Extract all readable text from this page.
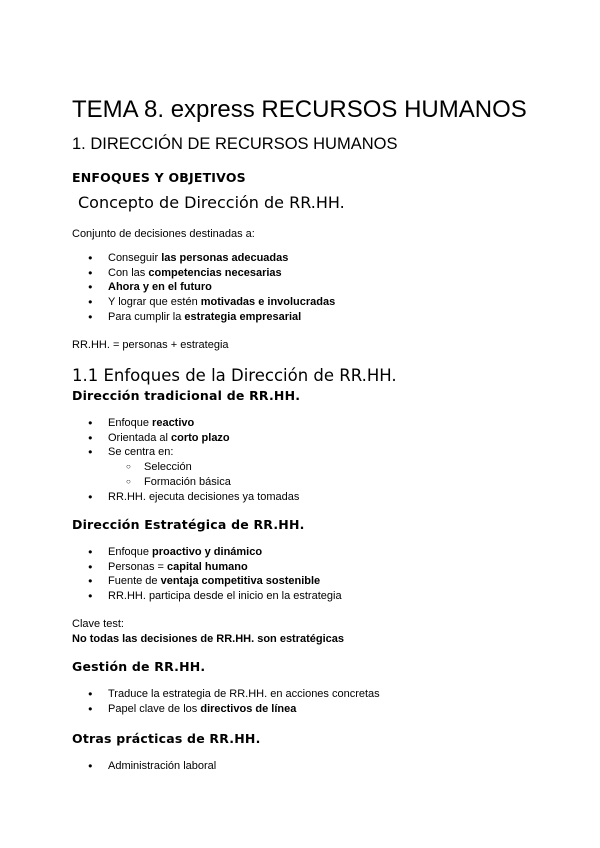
TEMA 8. express RECURSOS HUMANOS
1. DIRECCIÓN DE RECURSOS HUMANOS
ENFOQUES Y OBJETIVOS
Concepto de Dirección de RR.HH.
Conjunto de decisiones destinadas a:
● Conseguir las personas adecuadas
● Con las competencias necesarias
● Ahora y en el futuro
● Y lograr que estén motivadas e involucradas
● Para cumplir la estrategia empresarial
RR.HH. = personas + estrategia
1.1 Enfoques de la Dirección de RR.HH.
Dirección tradicional de RR.HH.
● Enfoque reactivo
● Orientada al corto plazo
● Se centra en:
○ Selección
○ Formación básica
● RR.HH. ejecuta decisiones ya tomadas
Dirección Estratégica de RR.HH.
● Enfoque proactivo y dinámico
● Personas = capital humano
● Fuente de ventaja competitiva sostenible
● RR.HH. participa desde el inicio en la estrategia
Clave test:
No todas las decisiones de RR.HH. son estratégicas
Gestión de RR.HH.
● Traduce la estrategia de RR.HH. en acciones concretas
● Papel clave de los directivos de línea
Otras prácticas de RR.HH.
● Administración laboral
